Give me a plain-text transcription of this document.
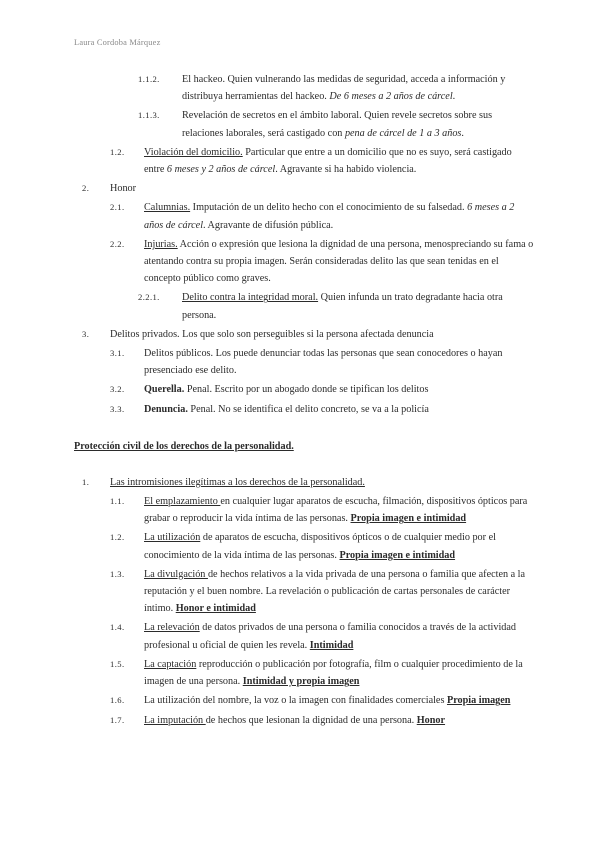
Laura Cordoba Márquez
1.1.2. El hackeo. Quien vulnerando las medidas de seguridad, acceda a información y distribuya herramientas del hackeo. De 6 meses a 2 años de cárcel.
1.1.3. Revelación de secretos en el ámbito laboral. Quien revele secretos sobre sus relaciones laborales, será castigado con pena de cárcel de 1 a 3 años.
1.2. Violación del domicilio. Particular que entre a un domicilio que no es suyo, será castigado entre 6 meses y 2 años de cárcel. Agravante si ha habido violencia.
2. Honor
2.1. Calumnias. Imputación de un delito hecho con el conocimiento de su falsedad. 6 meses a 2 años de cárcel. Agravante de difusión pública.
2.2. Injurias. Acción o expresión que lesiona la dignidad de una persona, menospreciando su fama o atentando contra su propia imagen. Serán consideradas delito las que sean tenidas en el concepto público como graves.
2.2.1. Delito contra la integridad moral. Quien infunda un trato degradante hacia otra persona.
3. Delitos privados. Los que solo son perseguibles si la persona afectada denuncia
3.1. Delitos públicos. Los puede denunciar todas las personas que sean conocedores o hayan presenciado ese delito.
3.2. Querella. Penal. Escrito por un abogado donde se tipifican los delitos
3.3. Denuncia. Penal. No se identifica el delito concreto, se va a la policía
Protección civil de los derechos de la personalidad.
1. Las intromisiones ilegítimas a los derechos de la personalidad.
1.1. El emplazamiento en cualquier lugar aparatos de escucha, filmación, dispositivos ópticos para grabar o reproducir la vida íntima de las personas. Propia imagen e intimidad
1.2. La utilización de aparatos de escucha, dispositivos ópticos o de cualquier medio por el conocimiento de la vida íntima de las personas. Propia imagen e intimidad
1.3. La divulgación de hechos relativos a la vida privada de una persona o familia que afecten a la reputación y el buen nombre. La revelación o publicación de cartas personales de carácter íntimo. Honor e intimidad
1.4. La relevación de datos privados de una persona o familia conocidos a través de la actividad profesional u oficial de quien les revela. Intimidad
1.5. La captación reproducción o publicación por fotografía, film o cualquier procedimiento de la imagen de una persona. Intimidad y propia imagen
1.6. La utilización del nombre, la voz o la imagen con finalidades comerciales Propia imagen
1.7. La imputación de hechos que lesionan la dignidad de una persona. Honor
